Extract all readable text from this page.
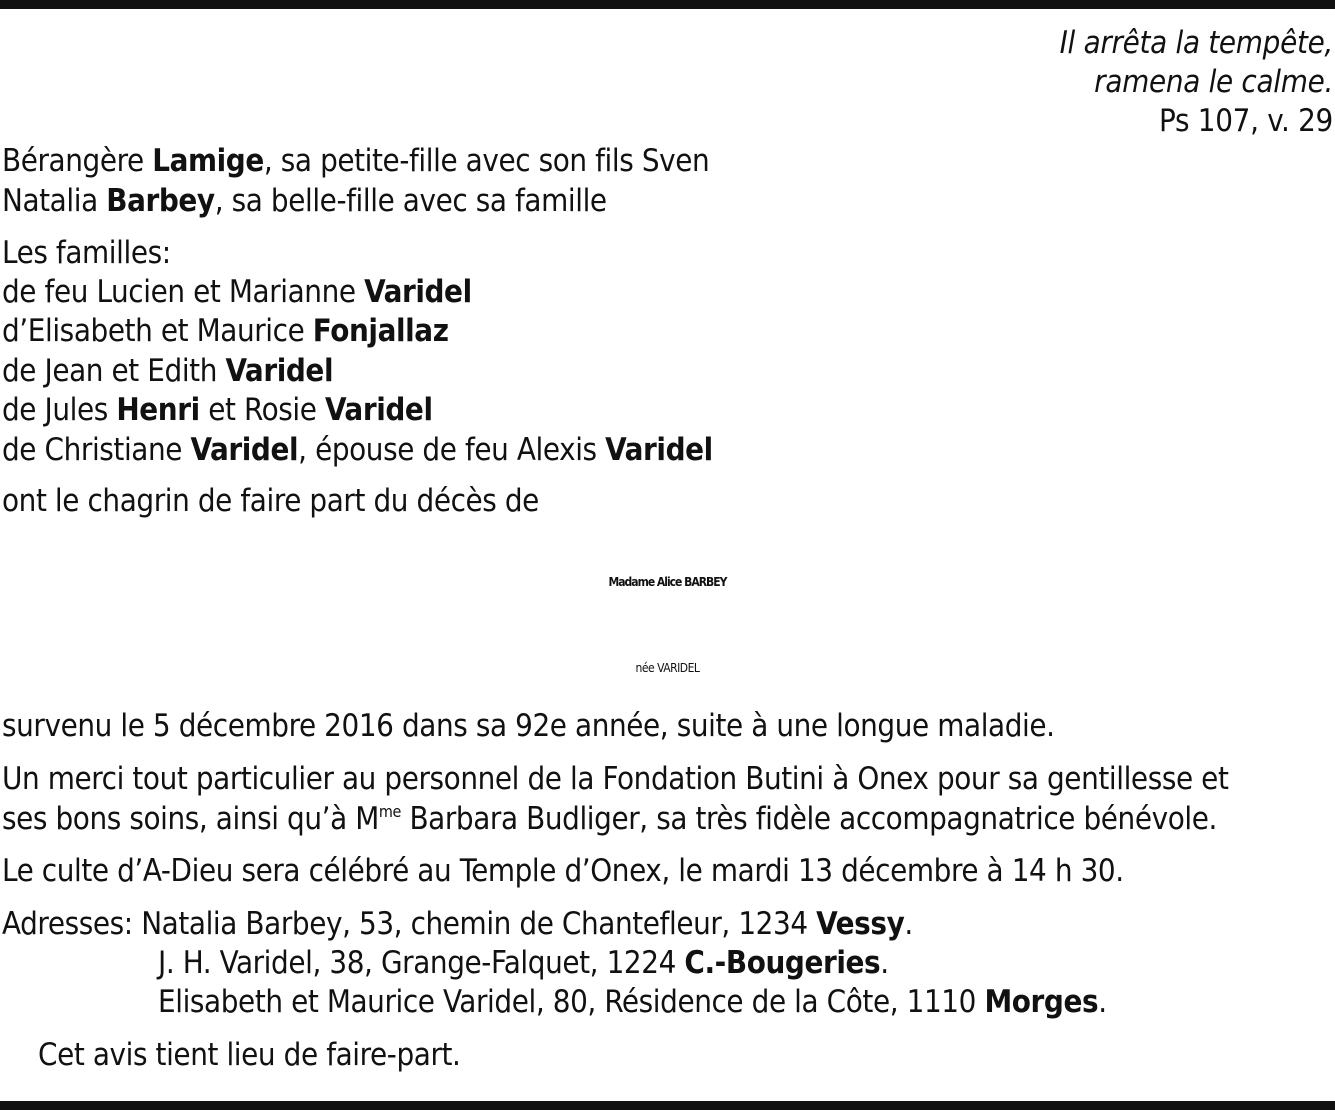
Il arrêta la tempête,
ramena le calme.
Ps 107, v. 29
Bérangère Lamige, sa petite-fille avec son fils Sven
Natalia Barbey, sa belle-fille avec sa famille
Les familles:
de feu Lucien et Marianne Varidel
d’Elisabeth et Maurice Fonjallaz
de Jean et Edith Varidel
de Jules Henri et Rosie Varidel
de Christiane Varidel, épouse de feu Alexis Varidel
ont le chagrin de faire part du décès de
Madame Alice BARBEY
née VARIDEL
survenu le 5 décembre 2016 dans sa 92e année, suite à une longue maladie.
Un merci tout particulier au personnel de la Fondation Butini à Onex pour sa gentillesse et
ses bons soins, ainsi qu’à $M^{me}$ Barbara Budliger, sa très fidèle accompagnatrice bénévole.
Le culte d’A-Dieu sera célébré au Temple d’Onex, le mardi 13 décembre à 14 h 30.
Adresses: Natalia Barbey, 53, chemin de Chantefleur, 1234 Vessy.
J. H. Varidel, 38, Grange-Falquet, 1224 C.-Bougeries.
Elisabeth et Maurice Varidel, 80, Résidence de la Côte, 1110 Morges.
Cet avis tient lieu de faire-part.
